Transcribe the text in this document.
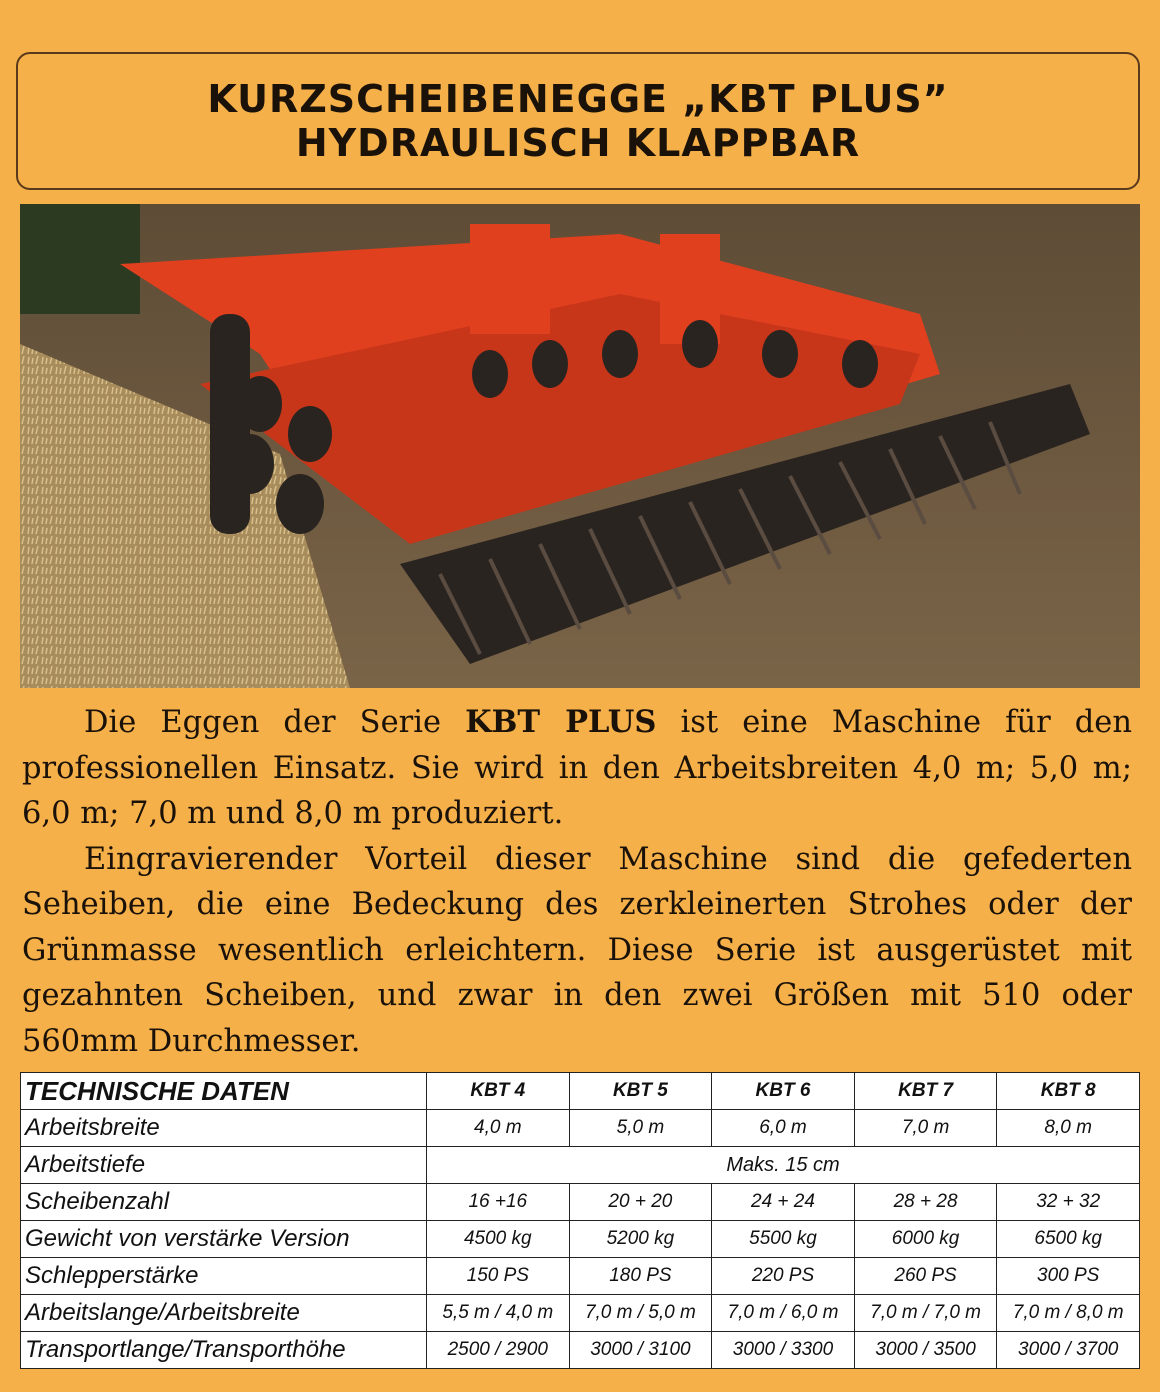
KURZSCHEIBENEGGE „KBT PLUS”
HYDRAULISCH KLAPPBAR

Die Eggen der Serie KBT PLUS ist eine Maschine für den professionellen Einsatz. Sie wird in den Arbeitsbreiten 4,0 m; 5,0 m; 6,0 m; 7,0 m und 8,0 m produziert.

Eingravierender Vorteil dieser Maschine sind die gefederten Seheiben, die eine Bedeckung des zerkleinerten Strohes oder der Grünmasse wesentlich erleichtern. Diese Serie ist ausgerüstet mit gezahnten Scheiben, und zwar in den zwei Größen mit 510 oder 560mm Durchmesser.

TECHNISCHE DATEN	KBT 4	KBT 5	KBT 6	KBT 7	KBT 8
Arbeitsbreite	4,0 m	5,0 m	6,0 m	7,0 m	8,0 m
Arbeitstiefe	Maks. 15 cm				
Scheibenzahl	16 +16	20 + 20	24 + 24	28 + 28	32 + 32
Gewicht von verstärke Version	4500 kg	5200 kg	5500 kg	6000 kg	6500 kg
Schlepperstärke	150 PS	180 PS	220 PS	260 PS	300 PS
Arbeitslange/Arbeitsbreite	5,5 m / 4,0 m	7,0 m / 5,0 m	7,0 m / 6,0 m	7,0 m / 7,0 m	7,0 m / 8,0 m
Transportlange/Transporthöhe	2500 / 2900	3000 / 3100	3000 / 3300	3000 / 3500	3000 / 3700
